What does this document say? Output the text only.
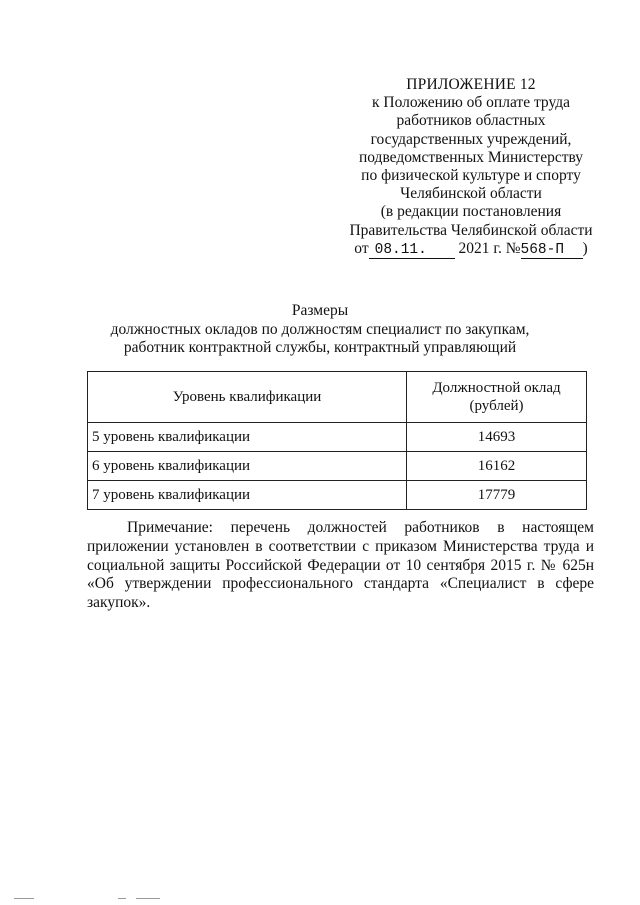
ПРИЛОЖЕНИЕ 12
к Положению об оплате труда
работников областных
государственных учреждений,
подведомственных Министерству
по физической культуре и спорту
Челябинской области
(в редакции постановления
Правительства Челябинской области
от 08.11. 2021 г. №568-П )
Размеры
должностных окладов по должностям специалист по закупкам,
работник контрактной службы, контрактный управляющий
Уровень квалификации	Должностной оклад
(рублей)

5 уровень квалификации	14693
6 уровень квалификации	16162
7 уровень квалификации	17779
Примечание: перечень должностей работников в настоящем приложении установлен в соответствии с приказом Министерства труда и социальной защиты Российской Федерации от 10 сентября 2015 г. № 625н «Об утверждении профессионального стандарта «Специалист в сфере закупок».
